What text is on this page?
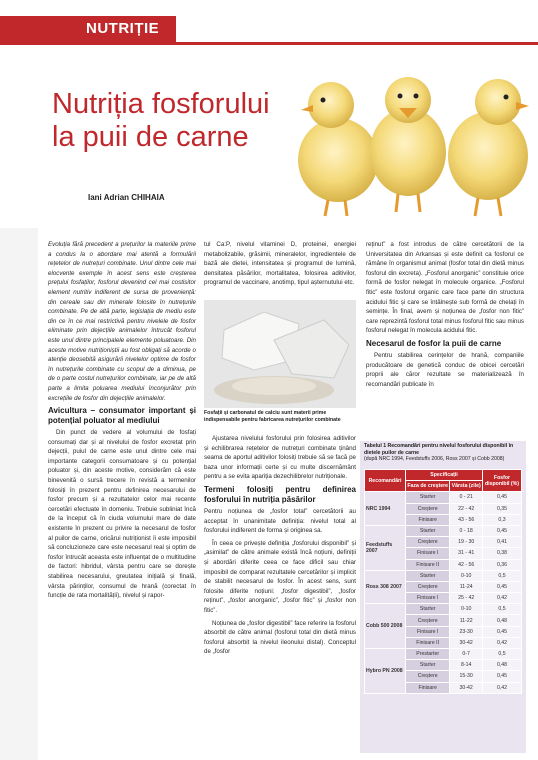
NUTRIȚIE
Nutriția fosforului
la puii de carne
Iani Adrian CHIHAIA

Evoluția fără precedent a prețurilor la materiile prime a condus la o abordare mai atentă a formulării rețetelor de nutrețuri combinate. Unul dintre cele mai elocvente exemple în acest sens este creșterea prețului fosfaților, fosforul devenind cel mai costisitor element nutritiv indiferent de sursa de proveniență: din cereale sau din minerale folosite în nutrețurile combinate. Pe de altă parte, legislația de mediu este din ce în ce mai restrictivă pentru nivelele de fosfor eliminate prin dejecțiile animalelor întrucât fosforul este unul dintre principalele elemente poluatoare. Din aceste motive nutriționiștii au fost obligați să acorde o atenție deosebită asigurării nivelelor optime de fosfor în nutrețurile combinate cu scopul de a diminua, pe de o parte costul nutrețurilor combinate, iar pe de altă parte a limita poluarea mediului înconjurător prin excrețiile de fosfor din dejecțiile animalelor.

Avicultura – consumator important și potențial poluator al mediului

Din punct de vedere al volumului de fosfați consumați dar și al nivelului de fosfor excretat prin dejecții, puiul de carne este unul dintre cele mai importante categorii consumatoare și cu potențial poluator și, din aceste motive, considerăm că este binevenită o sursă trecere în revistă a termenilor folosiți în prezent pentru definirea necesarului de fosfor precum și a rezultatelor celor mai recente cercetări efectuate în domeniu. Trebuie subliniat încă de la început că în ciuda volumului mare de date existente în prezent cu privire la necesarul de fosfor al puilor de carne, oricărui nutriționist îi este imposibil să concluzioneze care este necesarul real și optim de fosfor întrucât aceasta este influențat de o multitudine de factori: hibridul, vârsta pentru care se dorește stabilirea necesarului, greutatea inițială și finală, vârsta părinților, consumul de hrană (corectat în funcție de rata mortalității), nivelul și rapor-

tul Ca:P, nivelul vitaminei D, proteinei, energiei metabolizabile, grăsimii, mineralelor, ingredientele de bază ale dietei, intensitatea și programul de lumină, densitatea păsărilor, mortalitatea, folosirea aditivilor, programul de vaccinare, anotimp, tipul așternutului etc.

Fosfații și carbonatul de calciu sunt materii prime indispensabile pentru fabricarea nutrețurilor combinate

Ajustarea nivelului fosforului prin folosirea aditivilor și echilibrarea rețetelor de nutrețuri combinate ținând seama de aportul aditivilor folosiți trebuie să se facă pe baza unor informații certe și cu multe discernământ pentru a se evita apariția dezechilibrelor nutriționale.

Termeni folosiți pentru definirea fosforului în nutriția păsărilor

Pentru noțiunea de „fosfor total” cercetătorii au acceptat în unanimitate definiția: nivelul total al fosforului indiferent de forma și originea sa.

În ceea ce privește definiția „fosforului disponibil” și „asimilat” de către animale există încă noțiuni, definiții și abordări diferite ceea ce face dificil sau chiar imposibil de comparat rezultatele cercetărilor și implicit de stabilit necesarul de fosfor. În acest sens, sunt folosite diferite noțiuni: „fosfor digestibil”, „fosfor reținut”, „fosfor anorganic”, „fosfor fitic” și „fosfor non fitic”.

Noțiunea de „fosfor digestibil” face referire la fosforul absorbit de către animal (fosforul total din dietă minus fosforul absorbit la nivelul ileonului distal). Conceptul de „fosfor

reținut” a fost introdus de către cercetătorii de la Universitatea din Arkansas și este definit ca fosforul ce rămâne în organismul animal (fosfor total din dietă minus fosforul din excreta). „Fosforul anorganic” constituie orice formă de fosfor nelegat în molecule organice. „Fosforul fitic” este fosforul organic care face parte din structura acidului fitic și care se întâlnește sub formă de chelați în semințe. În final, avem și noțiunea de „fosfor non fitic” care reprezintă fosforul total minus fosforul fitic sau minus fosforul nelegat în molecula acidului fitic.

Necesarul de fosfor la puii de carne

Pentru stabilirea cerințelor de hrană, companiile producătoare de genetică conduc de obicei cercetări proprii ale căror rezultate se materializează în recomandări publicate în

Tabelul 1 Recomandări pentru nivelul fosforului disponibil în dietele puilor de carne
(după NRC 1994, Feedstuffs 2006, Ross 2007 și Cobb 2008)
Recomandări	Specificații		Fosfor disponibil (%)
	Faza de creștere	Vârsta (zile)	
NRC 1994	Starter	0 - 21	0,45
	Creștere	22 - 42	0,35
	Finisare	43 - 56	0,3
Feedstuffs 2007	Starter	0 - 18	0,45
	Creștere	19 - 30	0,41
	Finisare I	31 - 41	0,38
	Finisare II	42 - 56	0,36
Ross 308 2007	Starter	0-10	0,5
	Creștere	11-24	0,45
	Finisare I	25 - 42	0,42
Cobb 500 2008	Starter	0-10	0,5
	Creștere	11-22	0,48
	Finisare I	23-30	0,45
	Finisare II	30-42	0,42
Hybro PN 2008	Prestarter	0-7	0,5
	Starter	8-14	0,48
	Creștere	15-30	0,45
	Finisare	30-42	0,42
